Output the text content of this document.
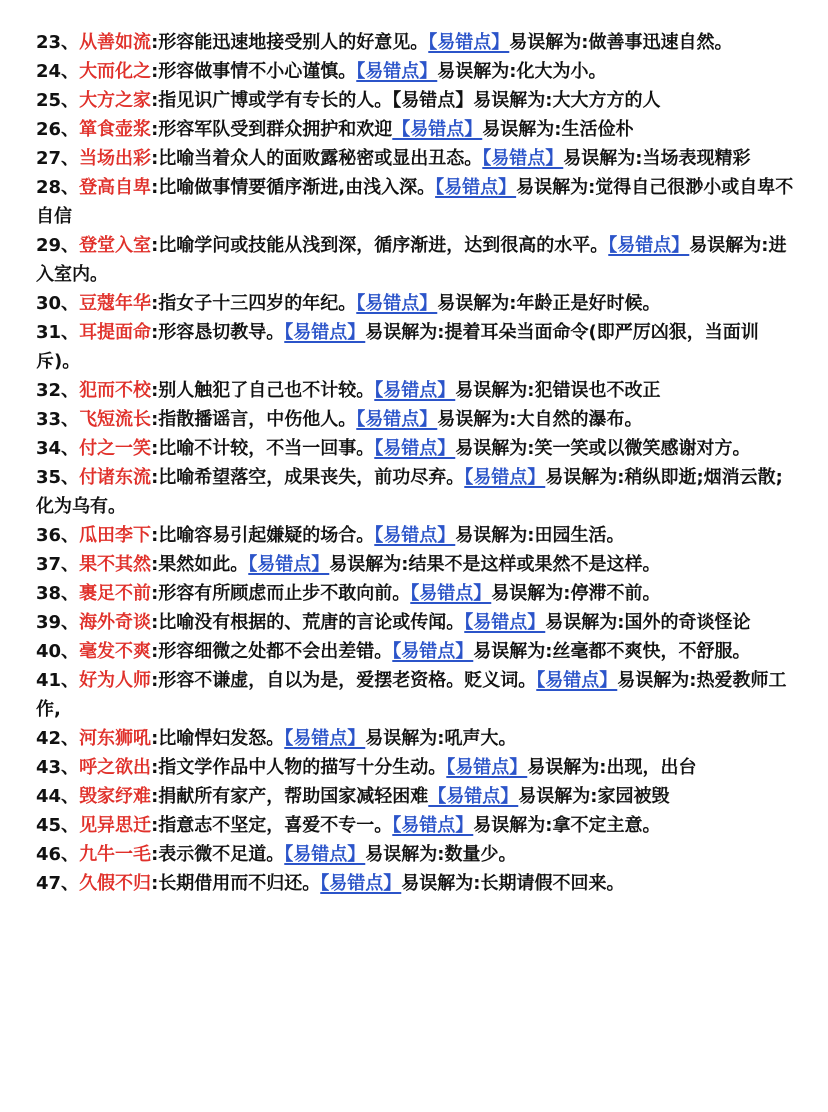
23、从善如流:形容能迅速地接受别人的好意见。【易错点】易误解为:做善事迅速自然。

24、大而化之:形容做事情不小心谨慎。【易错点】易误解为:化大为小。

25、大方之家:指见识广博或学有专长的人。【易错点】易误解为:大大方方的人

26、箪食壶浆:形容军队受到群众拥护和欢迎【易错点】易误解为:生活俭朴

27、当场出彩:比喻当着众人的面败露秘密或显出丑态。【易错点】易误解为:当场表现精彩

28、登高自卑:比喻做事情要循序渐进,由浅入深。【易错点】易误解为:觉得自己很渺小或自卑不自信

29、登堂入室:比喻学问或技能从浅到深，循序渐进，达到很高的水平。【易错点】易误解为:进入室内。

30、豆蔻年华:指女子十三四岁的年纪。【易错点】易误解为:年龄正是好时候。

31、耳提面命:形容恳切教导。【易错点】易误解为:提着耳朵当面命令(即严厉凶狠，当面训斥)。

32、犯而不校:别人触犯了自己也不计较。【易错点】易误解为:犯错误也不改正

33、飞短流长:指散播谣言，中伤他人。【易错点】易误解为:大自然的瀑布。

34、付之一笑:比喻不计较，不当一回事。【易错点】易误解为:笑一笑或以微笑感谢对方。

35、付诸东流:比喻希望落空，成果丧失，前功尽弃。【易错点】易误解为:稍纵即逝;烟消云散; 化为乌有。

36、瓜田李下:比喻容易引起嫌疑的场合。【易错点】易误解为:田园生活。

37、果不其然:果然如此。【易错点】易误解为:结果不是这样或果然不是这样。

38、裹足不前:形容有所顾虑而止步不敢向前。【易错点】易误解为:停滞不前。

39、海外奇谈:比喻没有根据的、荒唐的言论或传闻。【易错点】易误解为:国外的奇谈怪论

40、毫发不爽:形容细微之处都不会出差错。【易错点】易误解为:丝毫都不爽快，不舒服。

41、好为人师:形容不谦虚，自以为是，爱摆老资格。贬义词。【易错点】易误解为:热爱教师工作,

42、河东狮吼:比喻悍妇发怒。【易错点】易误解为:吼声大。

43、呼之欲出:指文学作品中人物的描写十分生动。【易错点】易误解为:出现，出台

44、毁家纾难:捐献所有家产，帮助国家减轻困难【易错点】易误解为:家园被毁

45、见异思迁:指意志不坚定，喜爱不专一。【易错点】易误解为:拿不定主意。

46、九牛一毛:表示微不足道。【易错点】易误解为:数量少。

47、久假不归:长期借用而不归还。【易错点】易误解为:长期请假不回来。
